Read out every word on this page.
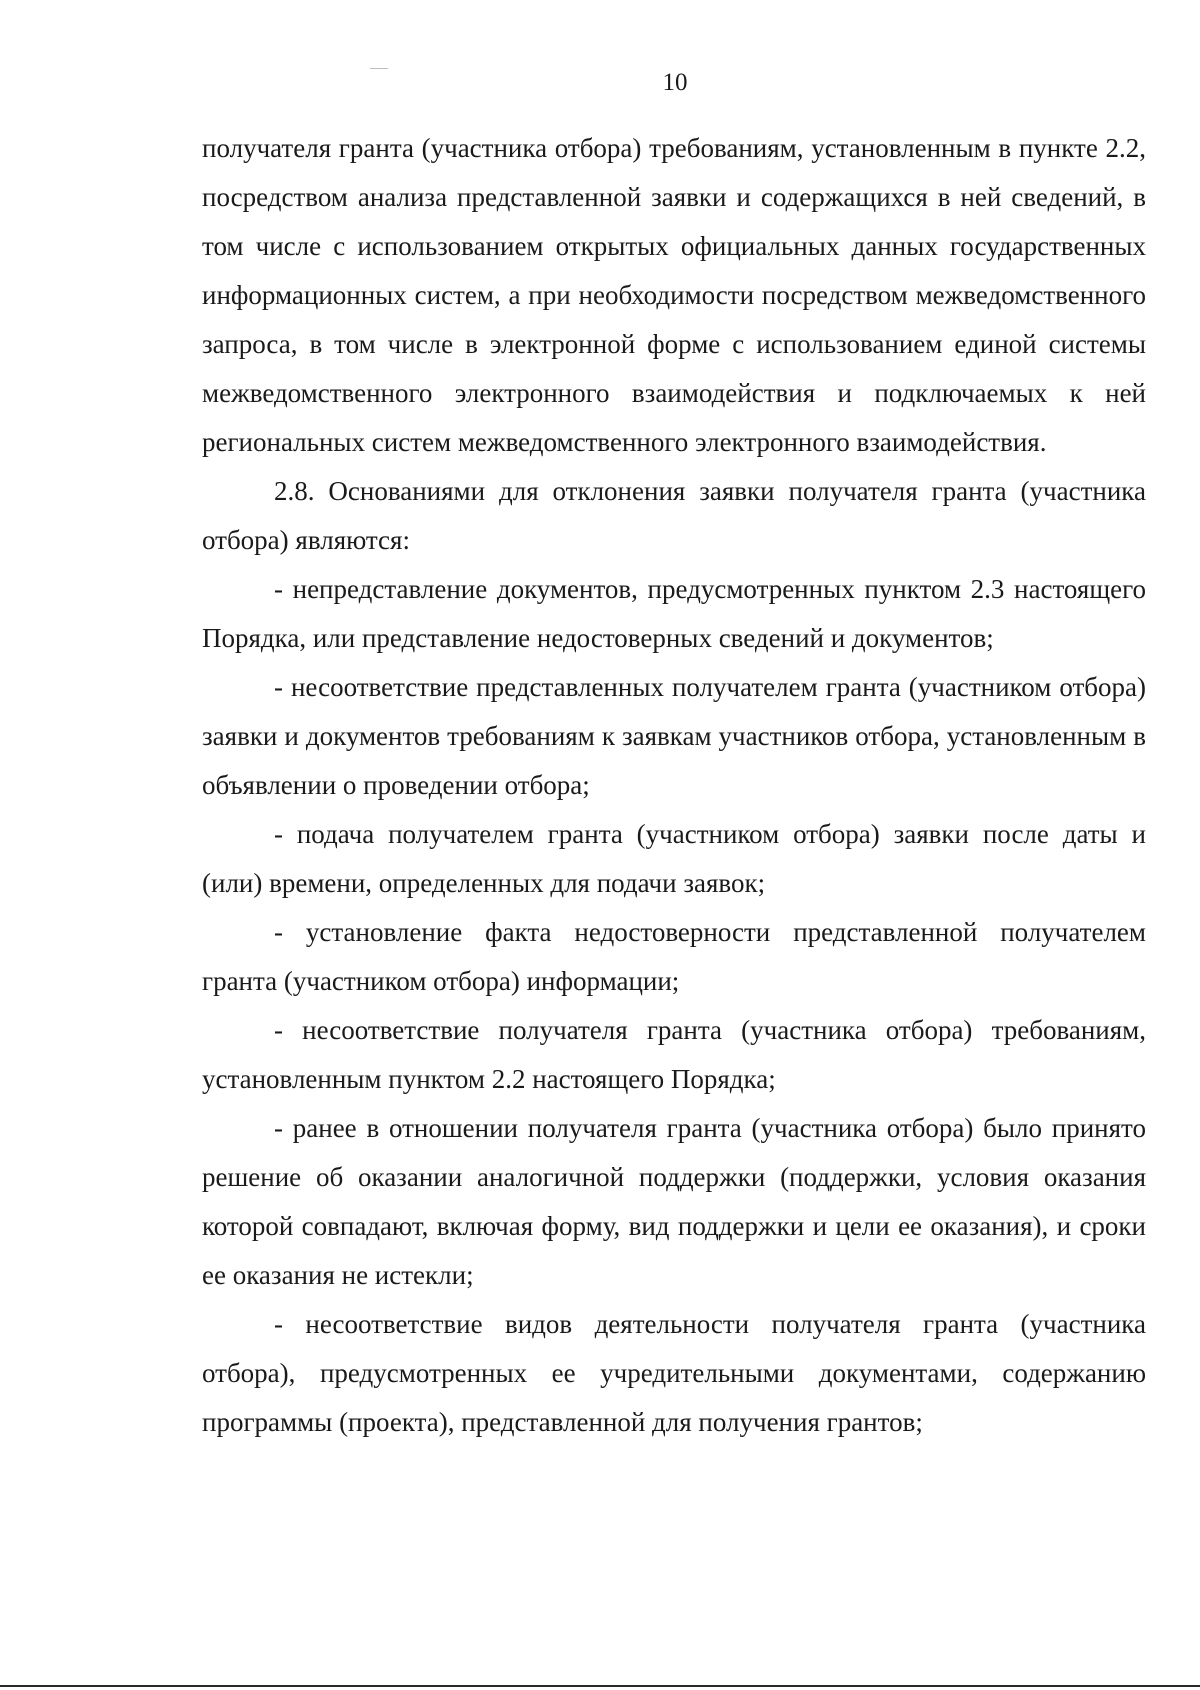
10

получателя гранта (участника отбора) требованиям, установленным в пункте 2.2, посредством анализа представленной заявки и содержащихся в ней сведений, в том числе с использованием открытых официальных данных государственных информационных систем, а при необходимости посредством межведомственного запроса, в том числе в электронной форме с использованием единой системы межведомственного электронного взаимодействия и подключаемых к ней региональных систем межведомственного электронного взаимодействия.

2.8. Основаниями для отклонения заявки получателя гранта (участника отбора) являются:

- непредставление документов, предусмотренных пунктом 2.3 настоящего Порядка, или представление недостоверных сведений и документов;

- несоответствие представленных получателем гранта (участником отбора) заявки и документов требованиям к заявкам участников отбора, установленным в объявлении о проведении отбора;

- подача получателем гранта (участником отбора) заявки после даты и (или) времени, определенных для подачи заявок;

- установление факта недостоверности представленной получателем гранта (участником отбора) информации;

- несоответствие получателя гранта (участника отбора) требованиям, установленным пунктом 2.2 настоящего Порядка;

- ранее в отношении получателя гранта (участника отбора) было принято решение об оказании аналогичной поддержки (поддержки, условия оказания которой совпадают, включая форму, вид поддержки и цели ее оказания), и сроки ее оказания не истекли;

- несоответствие видов деятельности получателя гранта (участника отбора), предусмотренных ее учредительными документами, содержанию программы (проекта), представленной для получения грантов;
